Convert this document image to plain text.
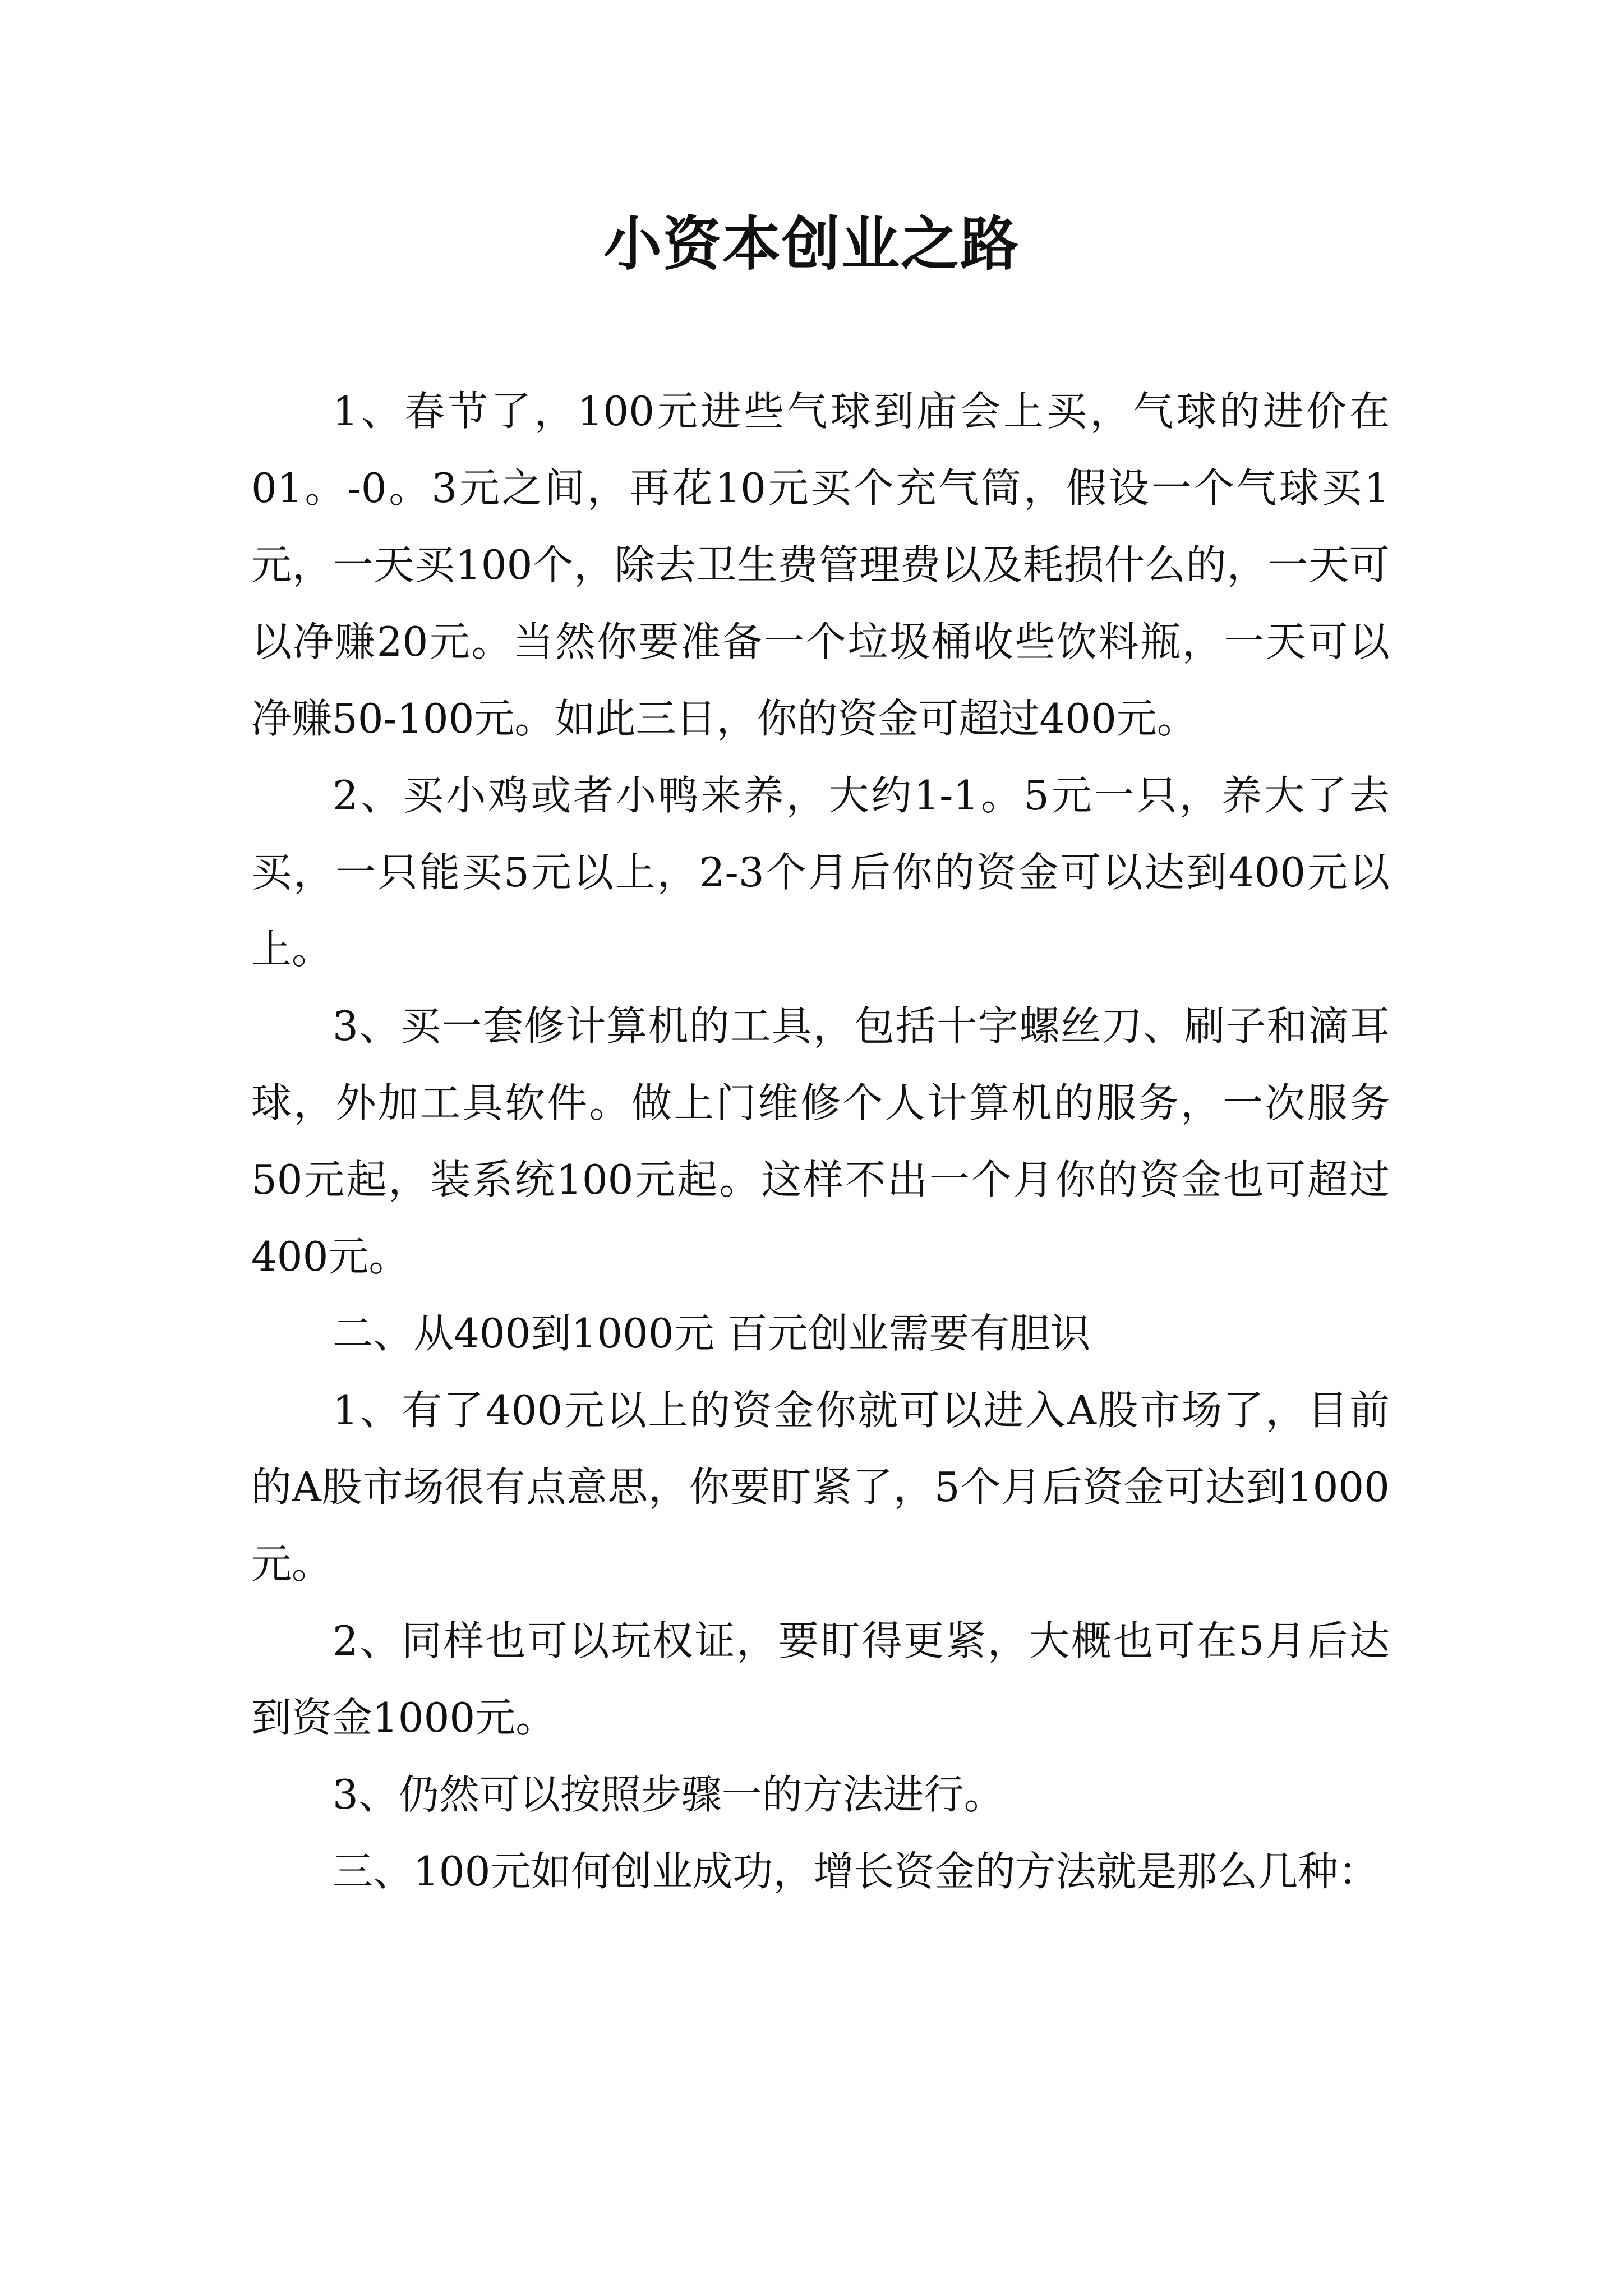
小资本创业之路

1、春节了，100元进些气球到庙会上买，气球的进价在01。-0。3元之间，再花10元买个充气筒，假设一个气球买1元，一天买100个，除去卫生费管理费以及耗损什么的，一天可以净赚20元。当然你要准备一个垃圾桶收些饮料瓶，一天可以净赚50-100元。如此三日，你的资金可超过400元。

2、买小鸡或者小鸭来养，大约1-1。5元一只，养大了去买，一只能买5元以上，2-3个月后你的资金可以达到400元以上。

3、买一套修计算机的工具，包括十字螺丝刀、刷子和滴耳球，外加工具软件。做上门维修个人计算机的服务，一次服务50元起，装系统100元起。这样不出一个月你的资金也可超过400元。

二、从400到1000元 百元创业需要有胆识

1、有了400元以上的资金你就可以进入A股市场了，目前的A股市场很有点意思，你要盯紧了，5个月后资金可达到1000元。

2、同样也可以玩权证，要盯得更紧，大概也可在5月后达到资金1000元。

3、仍然可以按照步骤一的方法进行。

三、100元如何创业成功，增长资金的方法就是那么几种：
